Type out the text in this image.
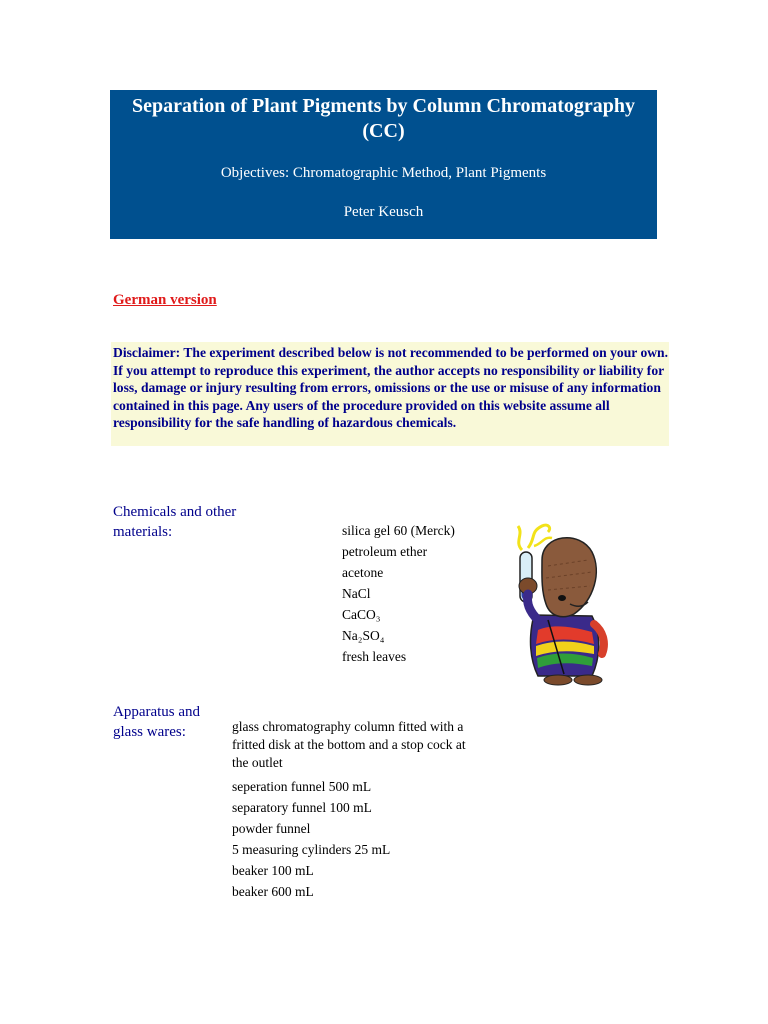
Separation of Plant Pigments by Column Chromatography (CC)
Objectives: Chromatographic Method, Plant Pigments
Peter Keusch
German version
Disclaimer: The experiment described below is not recommended to be performed on your own. If you attempt to reproduce this experiment, the author accepts no responsibility or liability for loss, damage or injury resulting from errors, omissions or the use or misuse of any information contained in this page. Any users of the procedure provided on this website assume all responsibility for the safe handling of hazardous chemicals.
Chemicals and other materials:	silica gel 60 (Merck)
petroleum ether
acetone
NaCl
CaCO₃
Na₂SO₄
fresh leaves
Apparatus and glass wares:	glass chromatography column fitted with a fritted disk at the bottom and a stop cock at the outlet
seperation funnel 500 mL
separatory funnel 100 mL
powder funnel
5 measuring cylinders 25 mL
beaker 100 mL
beaker 600 mL
